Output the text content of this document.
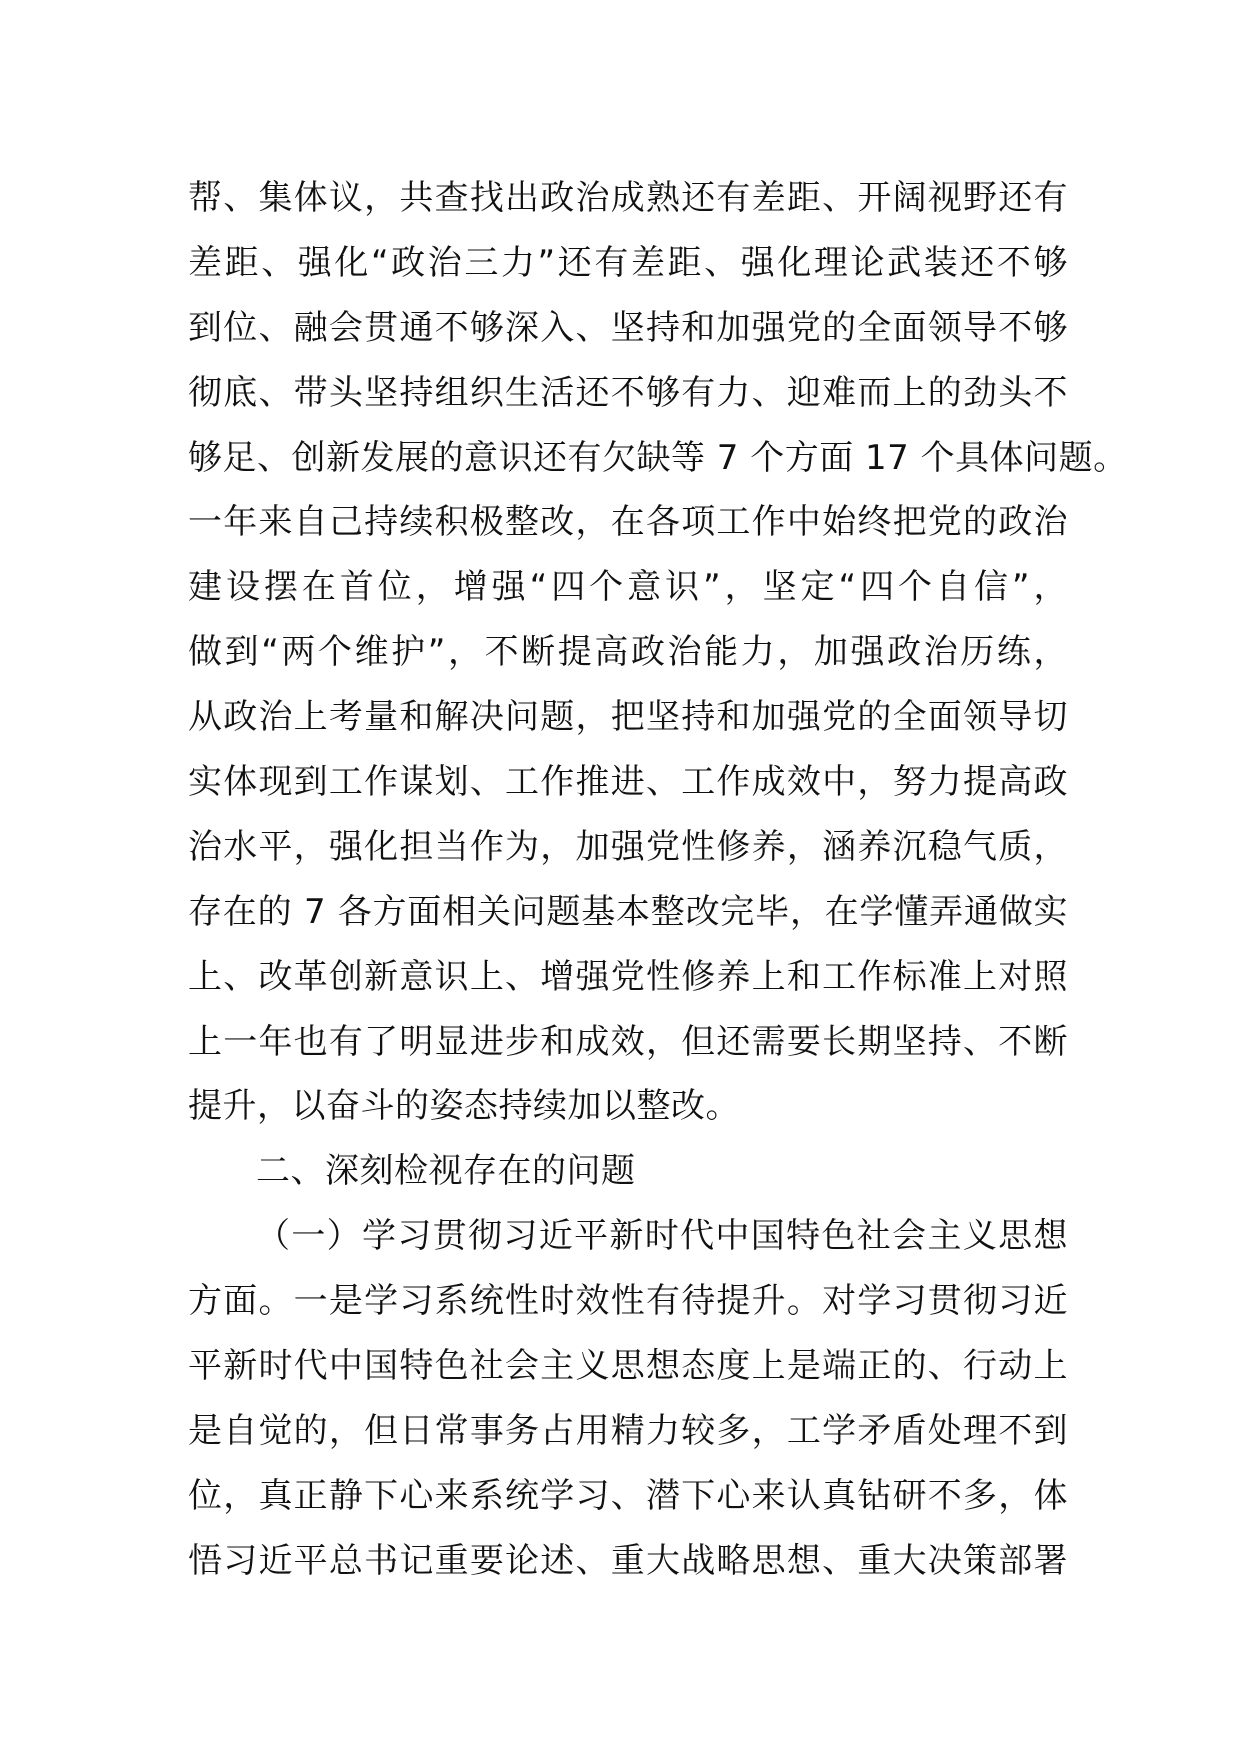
帮、集体议，共查找出政治成熟还有差距、开阔视野还有
差距、强化“政治三力”还有差距、强化理论武装还不够
到位、融会贯通不够深入、坚持和加强党的全面领导不够
彻底、带头坚持组织生活还不够有力、迎难而上的劲头不
够足、创新发展的意识还有欠缺等 7 个方面 17 个具体问题。
一年来自己持续积极整改，在各项工作中始终把党的政治
建设摆在首位，增强“四个意识”，坚定“四个自信”，
做到“两个维护”，不断提高政治能力，加强政治历练，
从政治上考量和解决问题，把坚持和加强党的全面领导切
实体现到工作谋划、工作推进、工作成效中，努力提高政
治水平，强化担当作为，加强党性修养，涵养沉稳气质，
存在的 7 各方面相关问题基本整改完毕，在学懂弄通做实
上、改革创新意识上、增强党性修养上和工作标准上对照
上一年也有了明显进步和成效，但还需要长期坚持、不断
提升，以奋斗的姿态持续加以整改。
二、深刻检视存在的问题
（一）学习贯彻习近平新时代中国特色社会主义思想
方面。一是学习系统性时效性有待提升。对学习贯彻习近
平新时代中国特色社会主义思想态度上是端正的、行动上
是自觉的，但日常事务占用精力较多，工学矛盾处理不到
位，真正静下心来系统学习、潜下心来认真钻研不多，体
悟习近平总书记重要论述、重大战略思想、重大决策部署
